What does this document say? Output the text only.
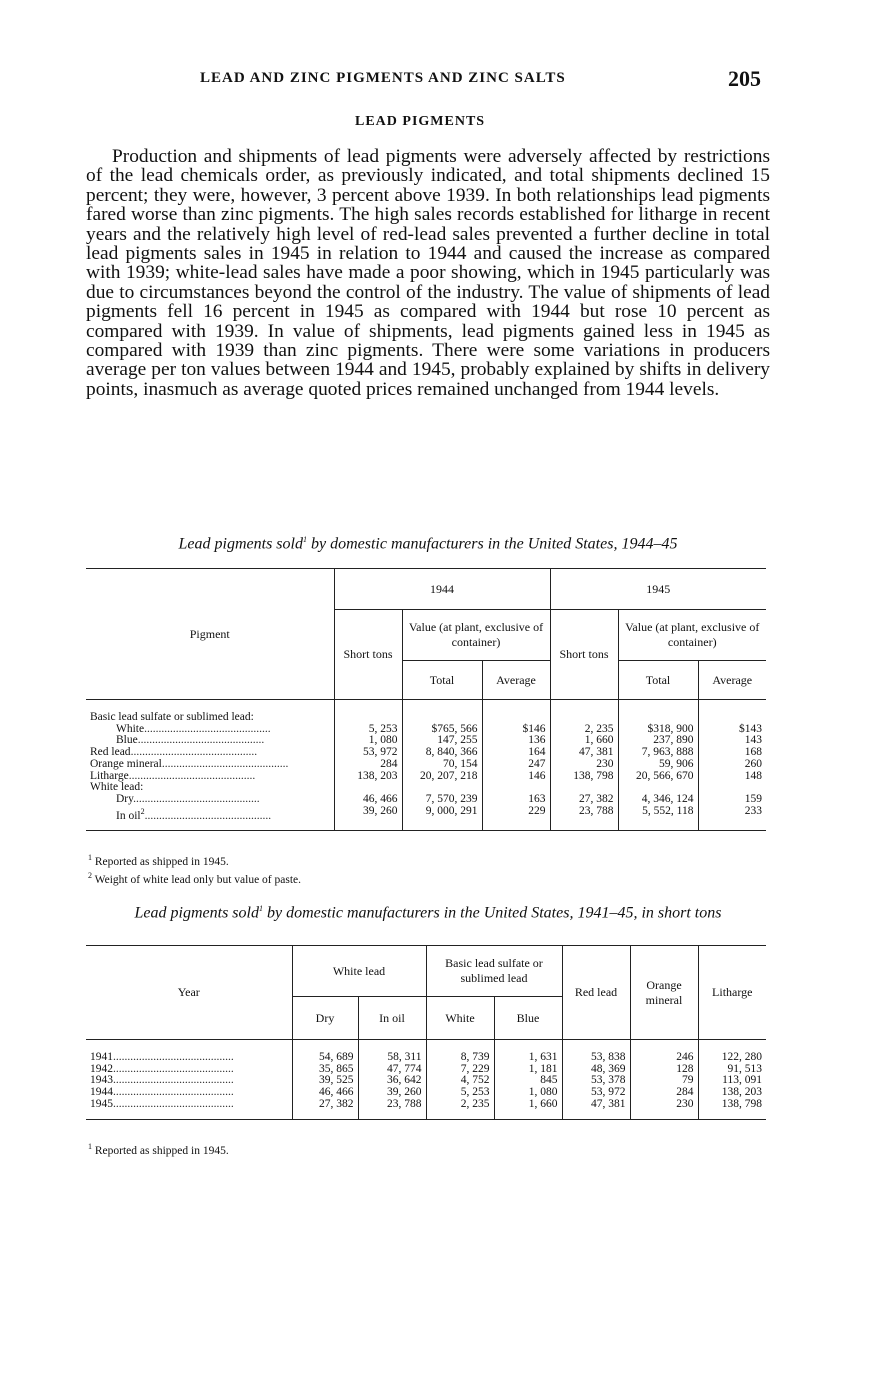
LEAD AND ZINC PIGMENTS AND ZINC SALTS	205
LEAD PIGMENTS

Production and shipments of lead pigments were adversely affected by restrictions of the lead chemicals order, as previously indicated, and total shipments declined 15 percent; they were, however, 3 percent above 1939. In both relationships lead pigments fared worse than zinc pigments. The high sales records established for litharge in recent years and the relatively high level of red-lead sales prevented a further decline in total lead pigments sales in 1945 in relation to 1944 and caused the increase as compared with 1939; white-lead sales have made a poor showing, which in 1945 particularly was due to circumstances beyond the control of the industry. The value of shipments of lead pigments fell 16 percent in 1945 as compared with 1944 but rose 10 percent as compared with 1939. In value of shipments, lead pigments gained less in 1945 as compared with 1939 than zinc pigments. There were some variations in producers average per ton values between 1944 and 1945, probably explained by shifts in delivery points, inasmuch as average quoted prices remained unchanged from 1944 levels.

Lead pigments sold$^1$ by domestic manufacturers in the United States, 1944–45
Pigment	1944			1945		
	Short tons	Value (at plant, exclusive of container)		Short tons	Value (at plant, exclusive of container)	
		Total	Average		Total	Average
Basic lead sulfate or sublimed lead:						
White............................................	5, 253	$765, 566	$146	2, 235	$318, 900	$143
Blue............................................	1, 080	147, 255	136	1, 660	237, 890	143
Red lead............................................	53, 972	8, 840, 366	164	47, 381	7, 963, 888	168
Orange mineral............................................	284	70, 154	247	230	59, 906	260
Litharge............................................	138, 203	20, 207, 218	146	138, 798	20, 566, 670	148
White lead:						
Dry............................................	46, 466	7, 570, 239	163	27, 382	4, 346, 124	159
In oil$^2$............................................	39, 260	9, 000, 291	229	23, 788	5, 552, 118	233
$^1$ Reported as shipped in 1945.
$^2$ Weight of white lead only but value of paste.
Lead pigments sold$^1$ by domestic manufacturers in the United States, 1941–45, in short tons
Year	White lead		Basic lead sulfate or sublimed lead		Red lead	Orange mineral	Litharge
	Dry	In oil	White	Blue			
1941..........................................	54, 689	58, 311	8, 739	1, 631	53, 838	246	122, 280
1942..........................................	35, 865	47, 774	7, 229	1, 181	48, 369	128	91, 513
1943..........................................	39, 525	36, 642	4, 752	845	53, 378	79	113, 091
1944..........................................	46, 466	39, 260	5, 253	1, 080	53, 972	284	138, 203
1945..........................................	27, 382	23, 788	2, 235	1, 660	47, 381	230	138, 798
$^1$ Reported as shipped in 1945.
